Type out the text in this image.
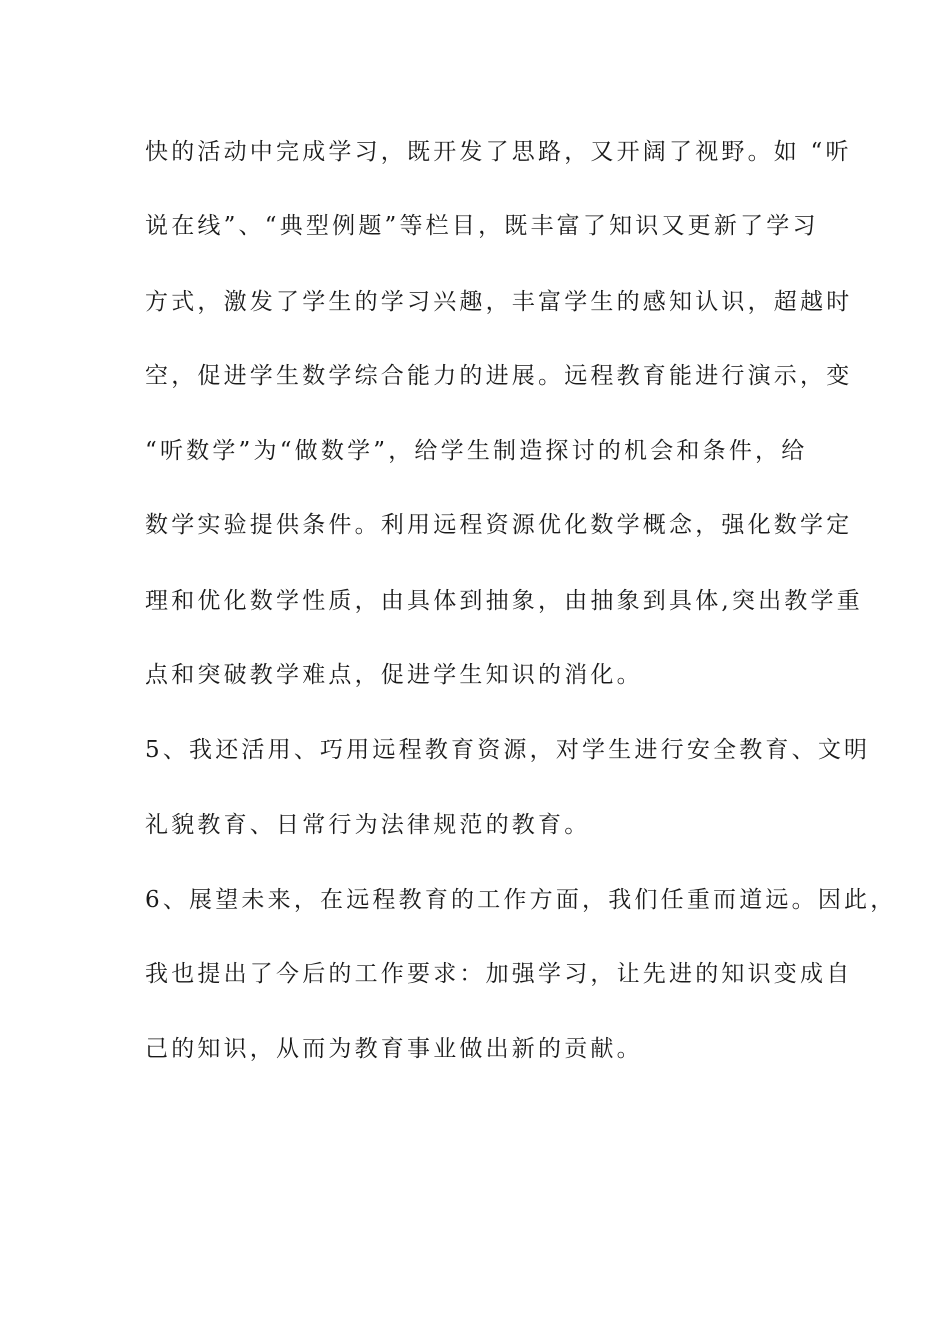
快的活动中完成学习，既开发了思路，又开阔了视野。如 “听
说在线”、“典型例题”等栏目，既丰富了知识又更新了学习
方式，激发了学生的学习兴趣，丰富学生的感知认识，超越时
空，促进学生数学综合能力的进展。远程教育能进行演示，变
“听数学”为“做数学”，给学生制造探讨的机会和条件，给
数学实验提供条件。利用远程资源优化数学概念，强化数学定
理和优化数学性质，由具体到抽象，由抽象到具体,突出教学重
点和突破教学难点，促进学生知识的消化。
5、我还活用、巧用远程教育资源，对学生进行安全教育、文明
礼貌教育、日常行为法律规范的教育。
6、展望未来，在远程教育的工作方面，我们任重而道远。因此，
我也提出了今后的工作要求：加强学习，让先进的知识变成自
己的知识，从而为教育事业做出新的贡献。
